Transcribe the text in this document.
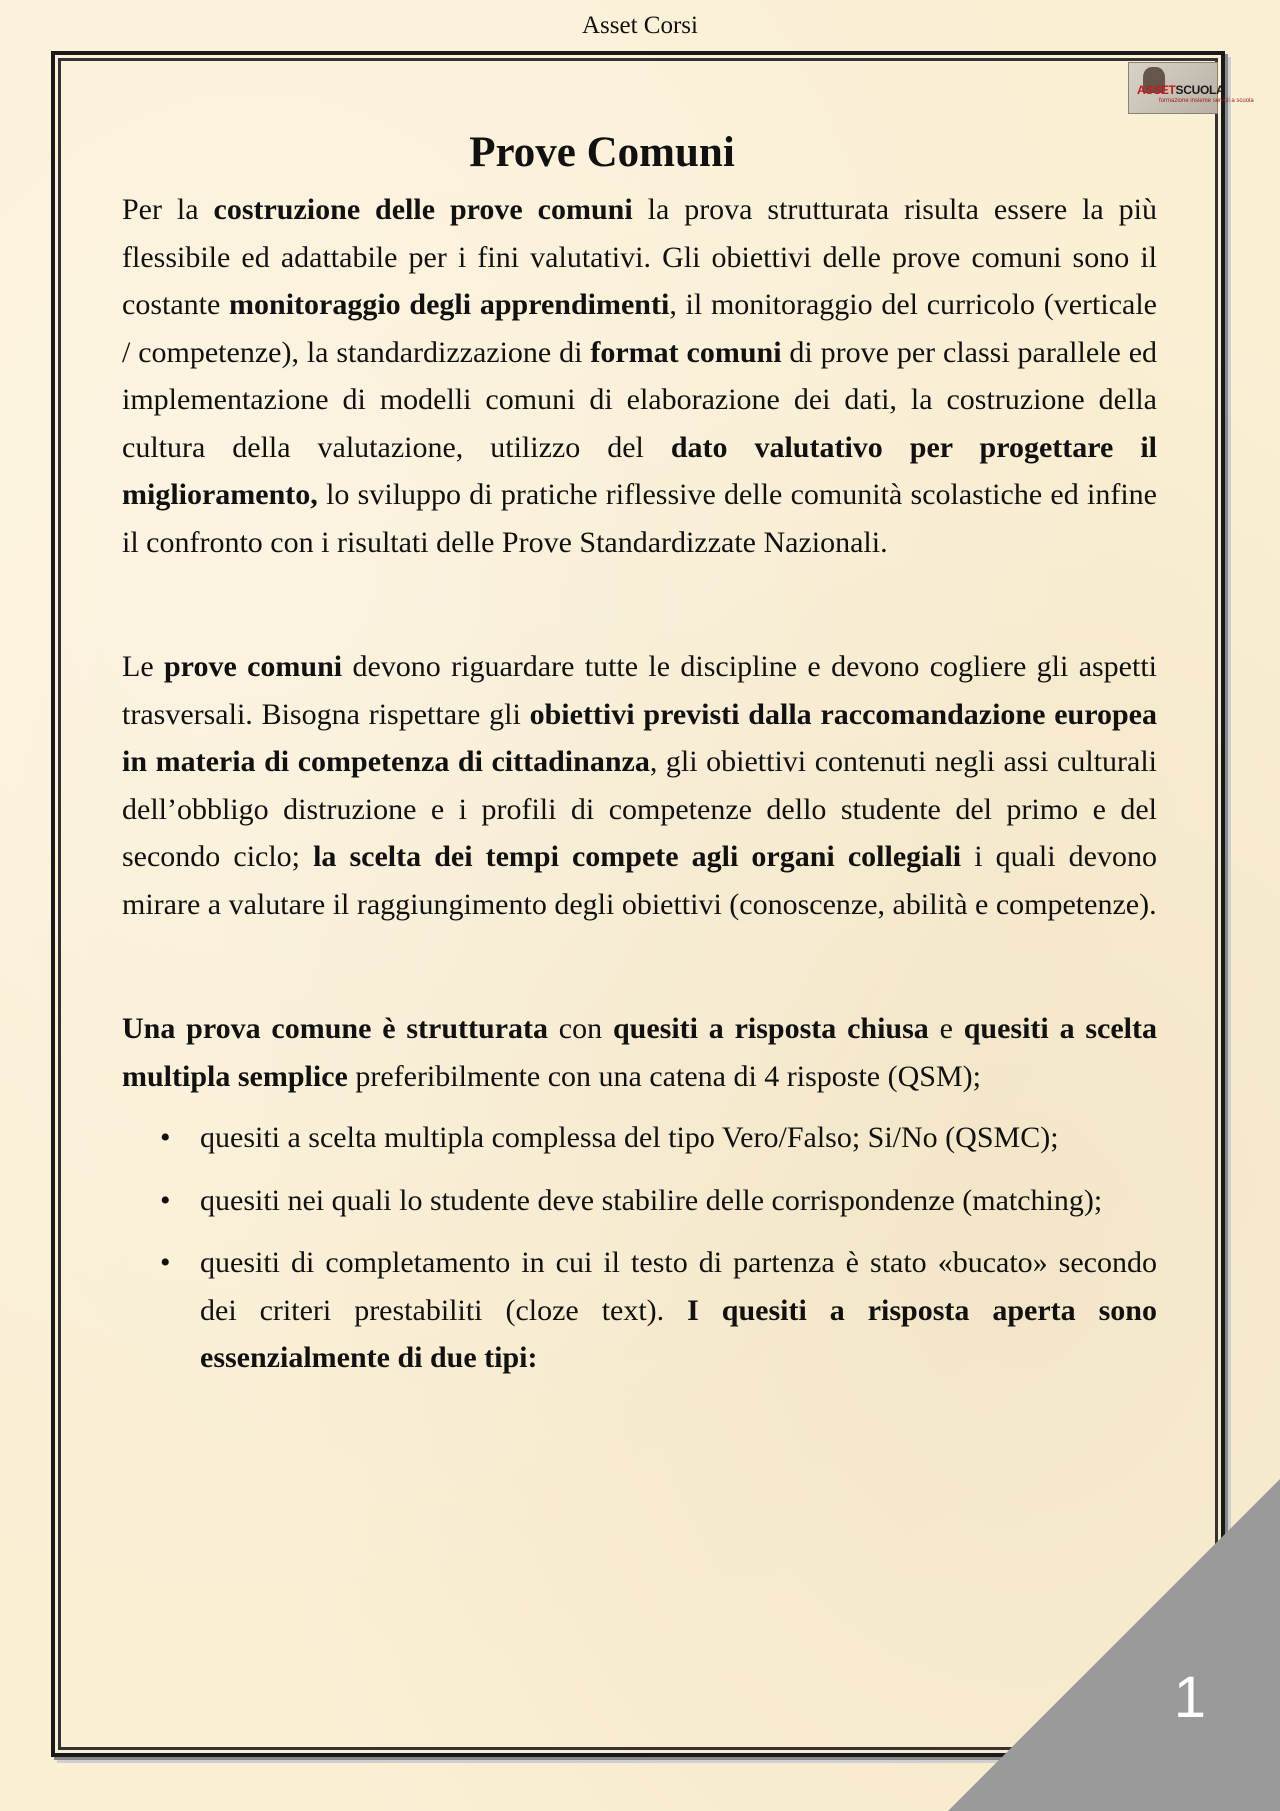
Asset Corsi
ASSETSCUOLA
formazione insieme servizi a scuola
Prove Comuni

Per la costruzione delle prove comuni la prova strutturata risulta essere la più flessibile ed adattabile per i fini valutativi. Gli obiettivi delle prove comuni sono il costante monitoraggio degli apprendimenti, il monitoraggio del curricolo (verticale / competenze), la standardizzazione di format comuni di prove per classi parallele ed implementazione di modelli comuni di elaborazione dei dati, la costruzione della cultura della valutazione, utilizzo del dato valutativo per progettare il miglioramento, lo sviluppo di pratiche riflessive delle comunità scolastiche ed infine il confronto con i risultati delle Prove Standardizzate Nazionali.

Le prove comuni devono riguardare tutte le discipline e devono cogliere gli aspetti trasversali. Bisogna rispettare gli obiettivi previsti dalla raccomandazione europea in materia di competenza di cittadinanza, gli obiettivi contenuti negli assi culturali dell’obbligo distruzione e i profili di competenze dello studente del primo e del secondo ciclo; la scelta dei tempi compete agli organi collegiali i quali devono mirare a valutare il raggiungimento degli obiettivi (conoscenze, abilità e competenze).

Una prova comune è strutturata con quesiti a risposta chiusa e quesiti a scelta multipla semplice preferibilmente con una catena di 4 risposte (QSM);

• quesiti a scelta multipla complessa del tipo Vero/Falso; Si/No (QSMC);
• quesiti nei quali lo studente deve stabilire delle corrispondenze (matching);
• quesiti di completamento in cui il testo di partenza è stato «bucato» secondo dei criteri prestabiliti (cloze text). I quesiti a risposta aperta sono essenzialmente di due tipi:
1
